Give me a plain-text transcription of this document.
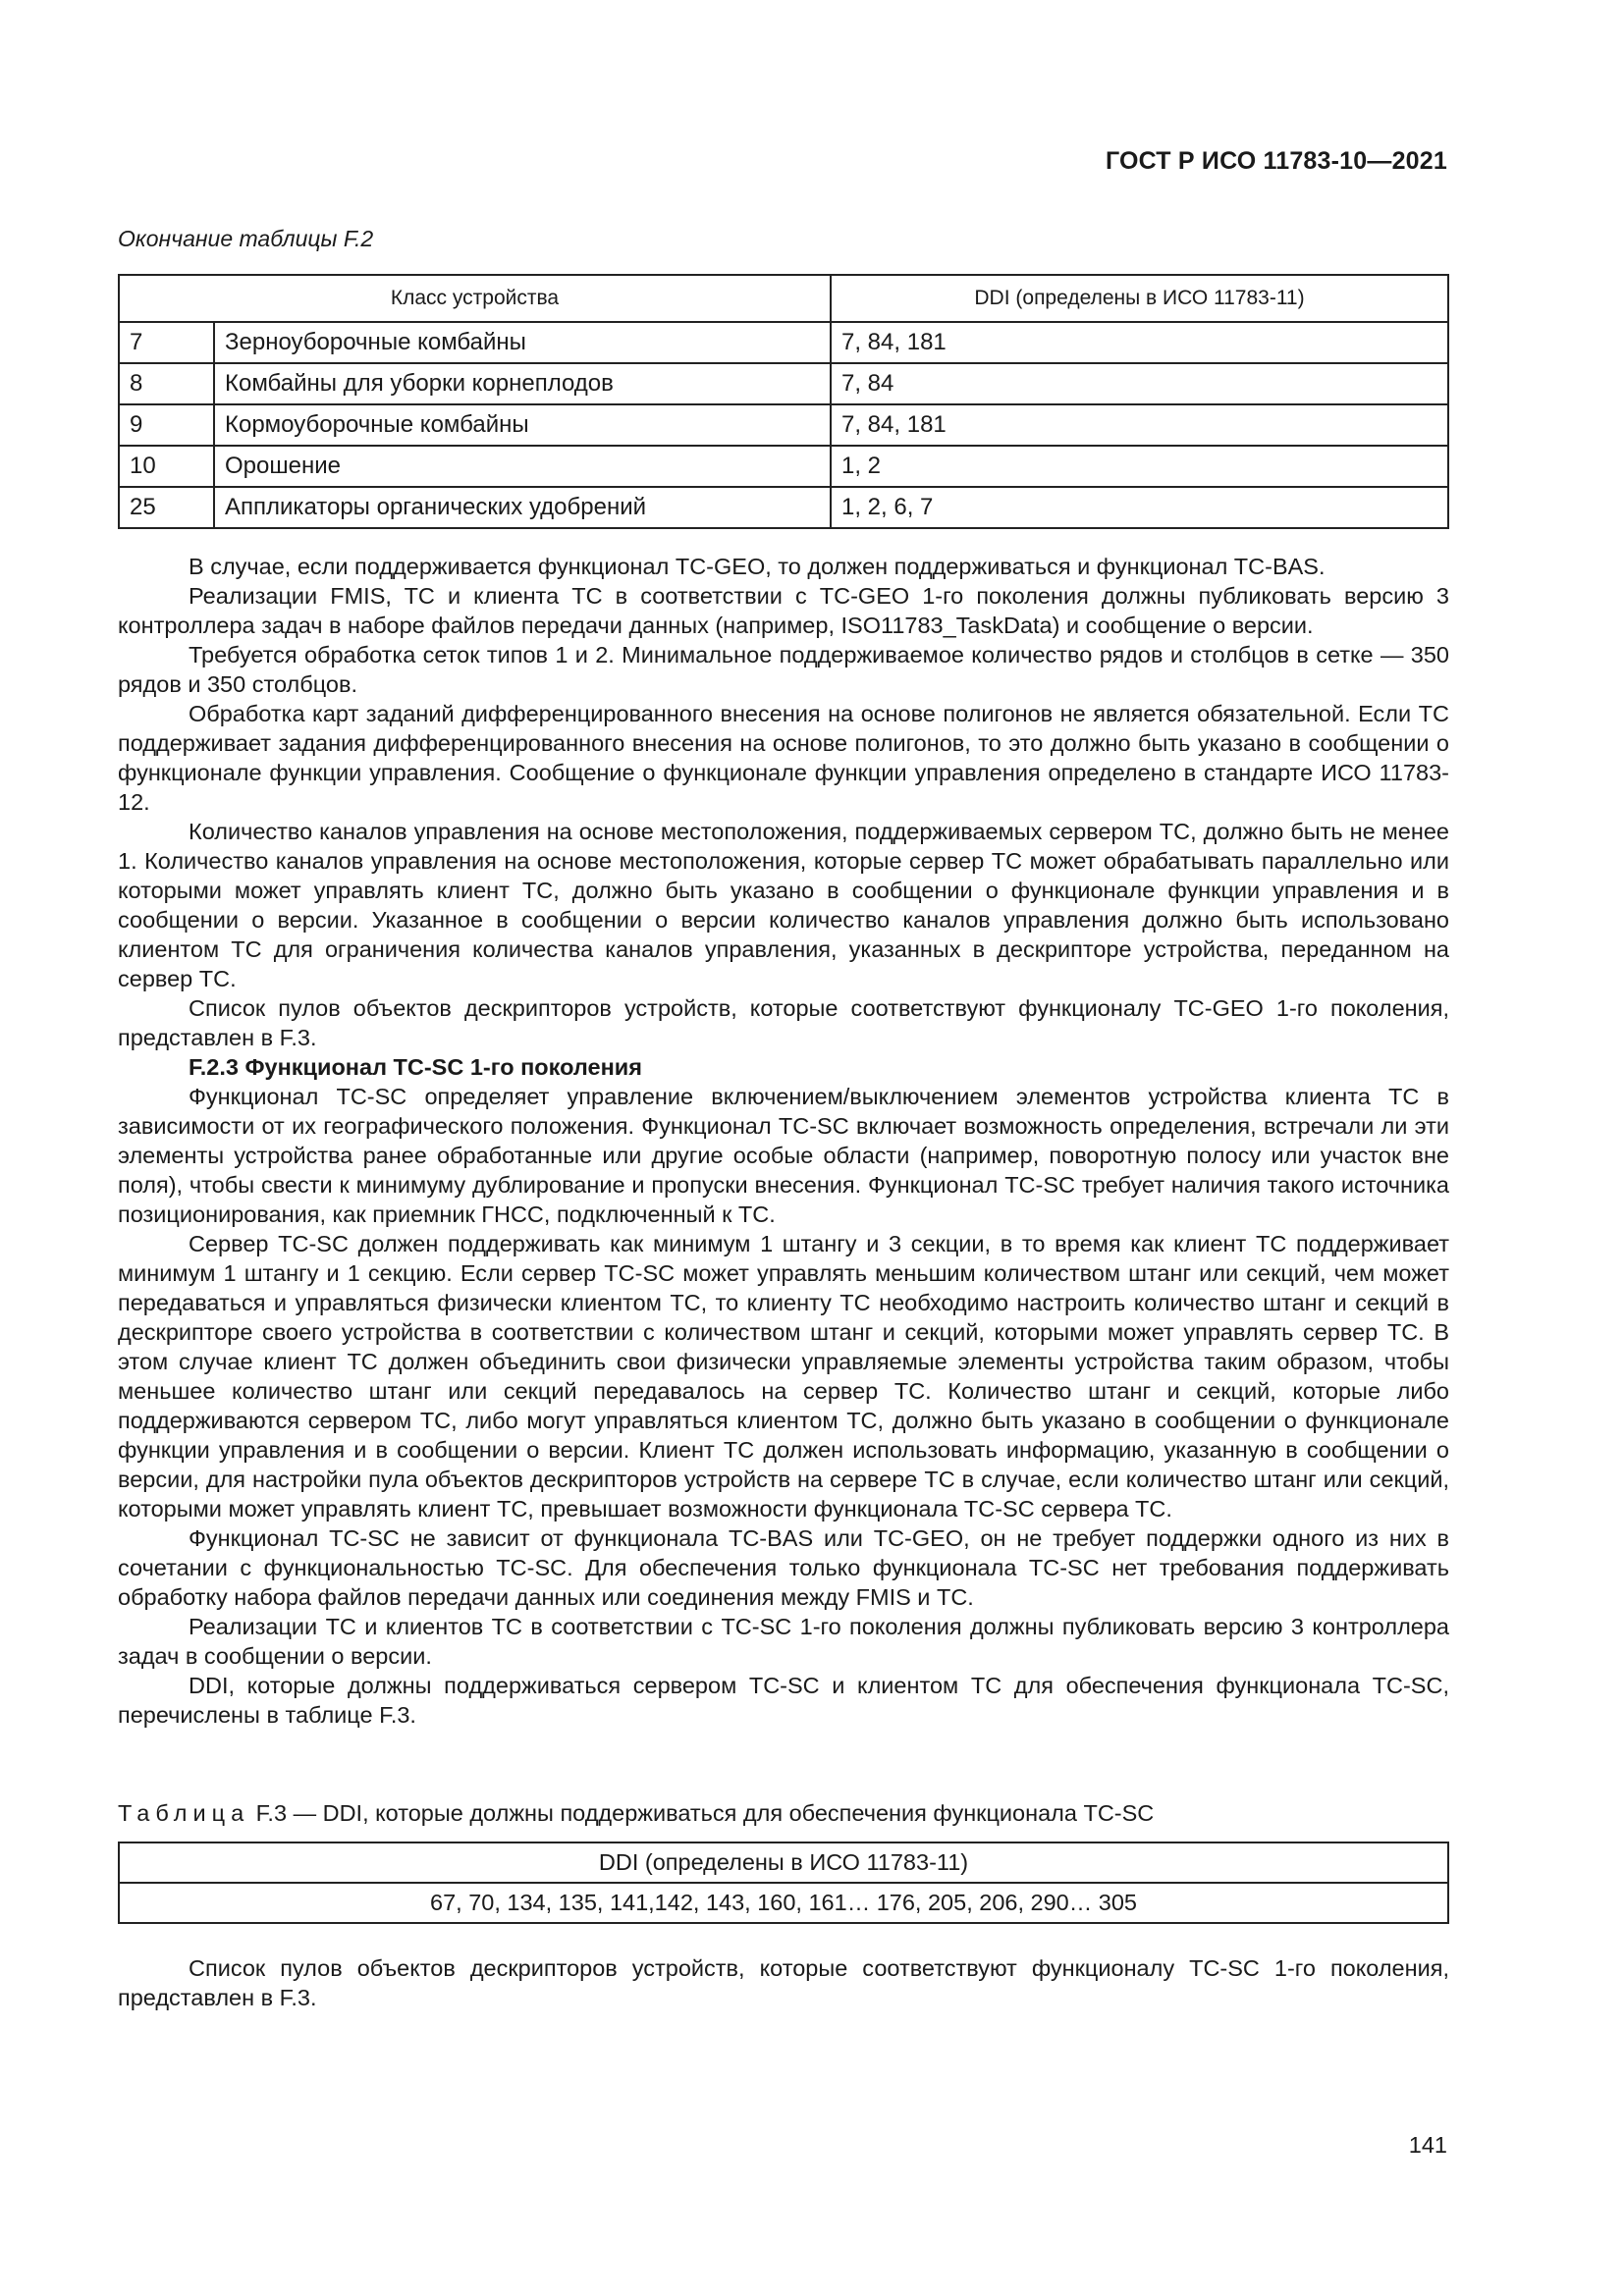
ГОСТ Р ИСО 11783-10—2021
Окончание таблицы F.2
Класс устройства		DDI (определены в ИСО 11783-11)
7	Зерноуборочные комбайны	7, 84, 181
8	Комбайны для уборки корнеплодов	7, 84
9	Кормоуборочные комбайны	7, 84, 181
10	Орошение	1, 2
25	Аппликаторы органических удобрений	1, 2, 6, 7

В случае, если поддерживается функционал TC-GEO, то должен поддерживаться и функционал TC-BAS.

Реализации FMIS, TC и клиента TC в соответствии с TC-GEO 1-го поколения должны публиковать версию 3 контроллера задач в наборе файлов передачи данных (например, ISO11783_TaskData) и сообщение о версии.

Требуется обработка сеток типов 1 и 2. Минимальное поддерживаемое количество рядов и столбцов в сетке — 350 рядов и 350 столбцов.

Обработка карт заданий дифференцированного внесения на основе полигонов не является обязательной. Если TC поддерживает задания дифференцированного внесения на основе полигонов, то это должно быть указано в сообщении о функционале функции управления. Сообщение о функционале функции управления определено в стандарте ИСО 11783-12.

Количество каналов управления на основе местоположения, поддерживаемых сервером TC, должно быть не менее 1. Количество каналов управления на основе местоположения, которые сервер TC может обрабатывать параллельно или которыми может управлять клиент TC, должно быть указано в сообщении о функционале функции управления и в сообщении о версии. Указанное в сообщении о версии количество каналов управления должно быть использовано клиентом TC для ограничения количества каналов управления, указанных в дескрипторе устройства, переданном на сервер TC.

Список пулов объектов дескрипторов устройств, которые соответствуют функционалу TC-GEO 1-го поколения, представлен в F.3.

F.2.3 Функционал TC-SC 1-го поколения

Функционал TC-SC определяет управление включением/выключением элементов устройства клиента TC в зависимости от их географического положения. Функционал TC-SC включает возможность определения, встречали ли эти элементы устройства ранее обработанные или другие особые области (например, поворотную полосу или участок вне поля), чтобы свести к минимуму дублирование и пропуски внесения. Функционал TC-SC требует наличия такого источника позиционирования, как приемник ГНСС, подключенный к TC.

Сервер TC-SC должен поддерживать как минимум 1 штангу и 3 секции, в то время как клиент TC поддерживает минимум 1 штангу и 1 секцию. Если сервер TC-SC может управлять меньшим количеством штанг или секций, чем может передаваться и управляться физически клиентом TC, то клиенту TC необходимо настроить количество штанг и секций в дескрипторе своего устройства в соответствии с количеством штанг и секций, которыми может управлять сервер TC. В этом случае клиент TC должен объединить свои физически управляемые элементы устройства таким образом, чтобы меньшее количество штанг или секций передавалось на сервер TC. Количество штанг и секций, которые либо поддерживаются сервером TC, либо могут управляться клиентом TC, должно быть указано в сообщении о функционале функции управления и в сообщении о версии. Клиент TC должен использовать информацию, указанную в сообщении о версии, для настройки пула объектов дескрипторов устройств на сервере TC в случае, если количество штанг или секций, которыми может управлять клиент TC, превышает возможности функционала TC-SC сервера TC.

Функционал TC-SC не зависит от функционала TC-BAS или TC-GEO, он не требует поддержки одного из них в сочетании с функциональностью TC-SC. Для обеспечения только функционала TC-SC нет требования поддерживать обработку набора файлов передачи данных или соединения между FMIS и TC.

Реализации TC и клиентов TC в соответствии с TC-SC 1-го поколения должны публиковать версию 3 контроллера задач в сообщении о версии.

DDI, которые должны поддерживаться сервером TC-SC и клиентом TC для обеспечения функционала TC-SC, перечислены в таблице F.3.

Таблица F.3 — DDI, которые должны поддерживаться для обеспечения функционала TC-SC
DDI (определены в ИСО 11783-11)
67, 70, 134, 135, 141,142, 143, 160, 161… 176, 205, 206, 290… 305

Список пулов объектов дескрипторов устройств, которые соответствуют функционалу TC-SC 1-го поколения, представлен в F.3.

141
